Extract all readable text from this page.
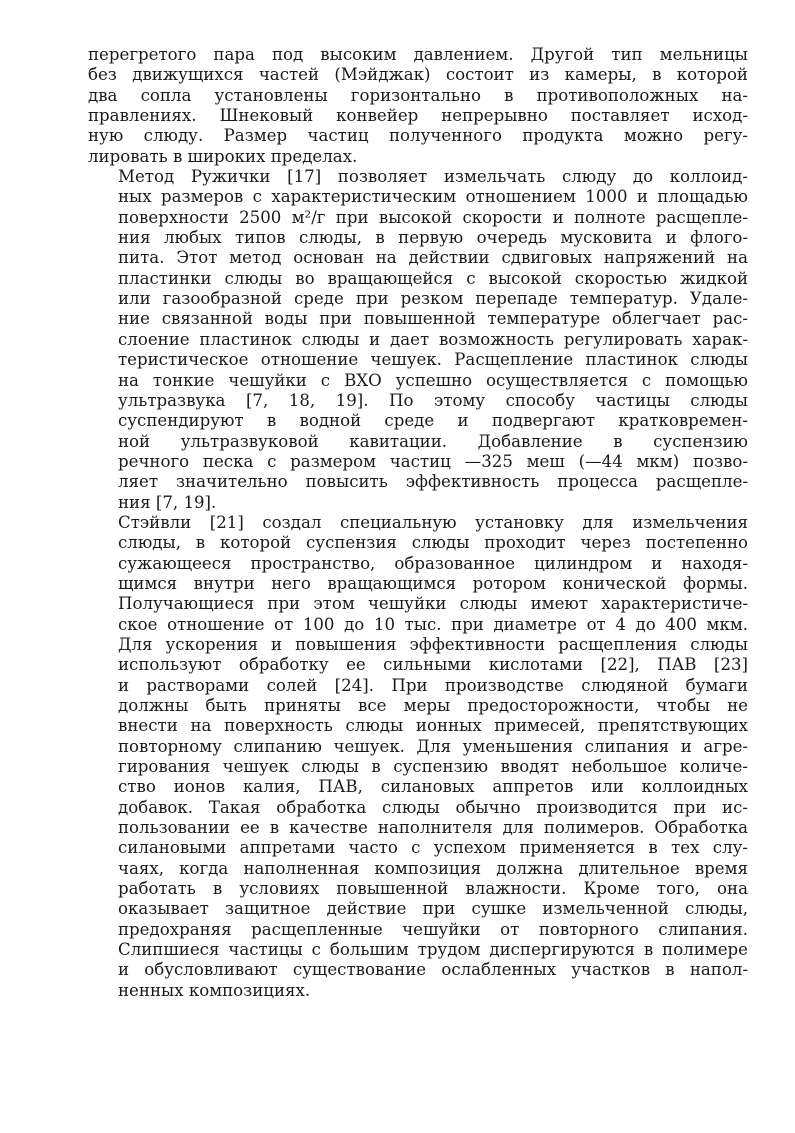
перегретого пара под высоким давлением. Другой тип мельницы
без движущихся частей (Мэйджак) состоит из камеры, в которой
два сопла установлены горизонтально в противоположных на-
правлениях. Шнековый конвейер непрерывно поставляет исход-
ную слюду. Размер частиц полученного продукта можно регу-
лировать в широких пределах.
Метод Ружички [17] позволяет измельчать слюду до коллоид-
ных размеров с характеристическим отношением 1000 и площадью
поверхности 2500 м²/г при высокой скорости и полноте расщепле-
ния любых типов слюды, в первую очередь мусковита и флого-
пита. Этот метод основан на действии сдвиговых напряжений на
пластинки слюды во вращающейся с высокой скоростью жидкой
или газообразной среде при резком перепаде температур. Удале-
ние связанной воды при повышенной температуре облегчает рас-
слоение пластинок слюды и дает возможность регулировать харак-
теристическое отношение чешуек. Расщепление пластинок слюды
на тонкие чешуйки с ВХО успешно осуществляется с помощью
ультразвука [7, 18, 19]. По этому способу частицы слюды
суспендируют в водной среде и подвергают кратковремен-
ной ультразвуковой кавитации. Добавление в суспензию
речного песка с размером частиц —325 меш (—44 мкм) позво-
ляет значительно повысить эффективность процесса расщепле-
ния [7, 19].
Стэйвли [21] создал специальную установку для измельчения
слюды, в которой суспензия слюды проходит через постепенно
сужающееся пространство, образованное цилиндром и находя-
щимся внутри него вращающимся ротором конической формы.
Получающиеся при этом чешуйки слюды имеют характеристиче-
ское отношение от 100 до 10 тыс. при диаметре от 4 до 400 мкм.
Для ускорения и повышения эффективности расщепления слюды
используют обработку ее сильными кислотами [22], ПАВ [23]
и растворами солей [24]. При производстве слюдяной бумаги
должны быть приняты все меры предосторожности, чтобы не
внести на поверхность слюды ионных примесей, препятствующих
повторному слипанию чешуек. Для уменьшения слипания и агре-
гирования чешуек слюды в суспензию вводят небольшое количе-
ство ионов калия, ПАВ, силановых аппретов или коллоидных
добавок. Такая обработка слюды обычно производится при ис-
пользовании ее в качестве наполнителя для полимеров. Обработка
силановыми аппретами часто с успехом применяется в тех слу-
чаях, когда наполненная композиция должна длительное время
работать в условиях повышенной влажности. Кроме того, она
оказывает защитное действие при сушке измельченной слюды,
предохраняя расщепленные чешуйки от повторного слипания.
Слипшиеся частицы с большим трудом диспергируются в полимере
и обусловливают существование ослабленных участков в напол-
ненных композициях.
